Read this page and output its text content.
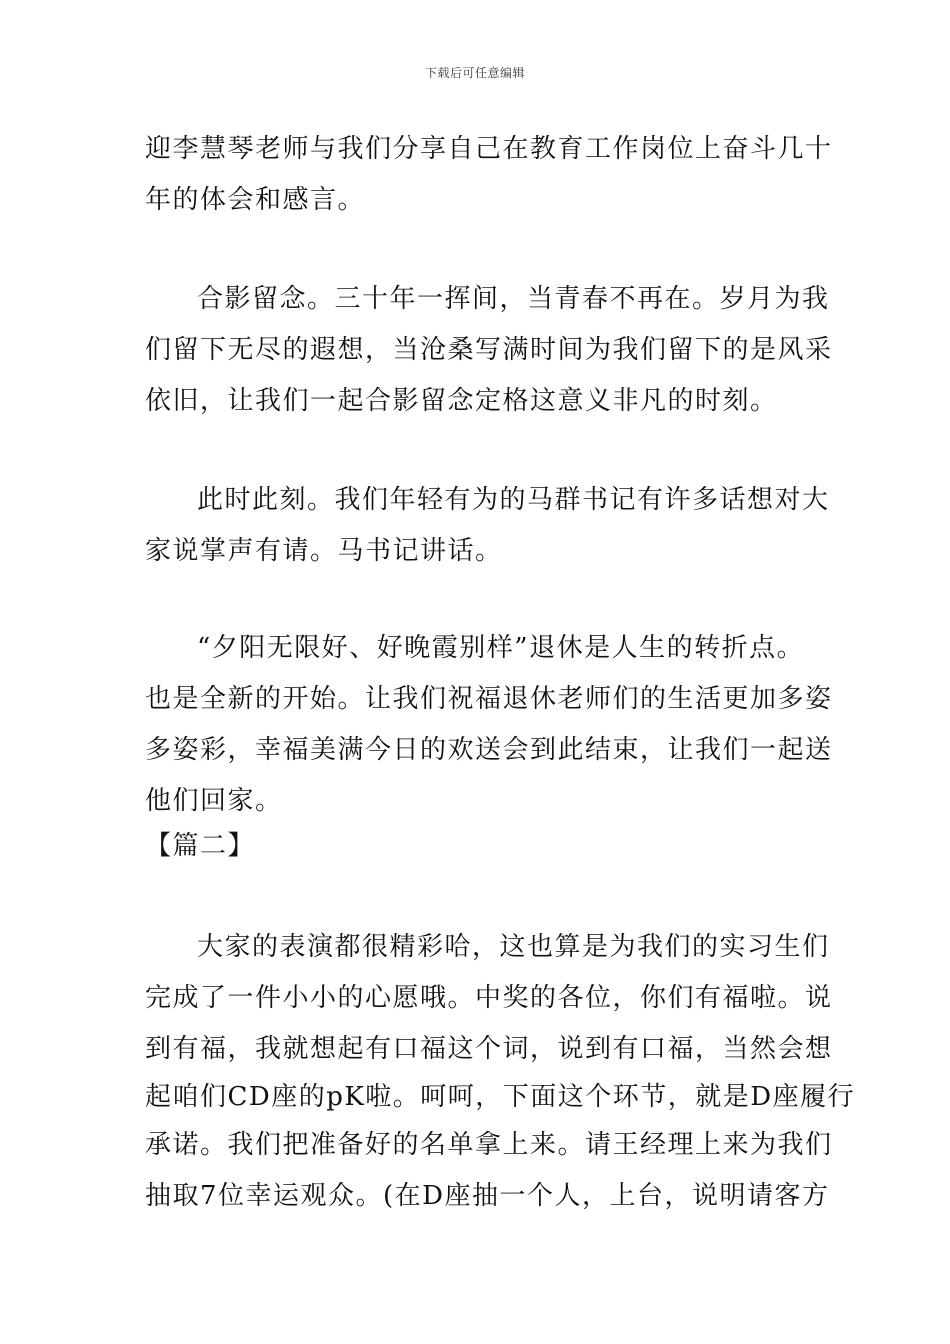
下载后可任意编辑
迎李慧琴老师与我们分享自己在教育工作岗位上奋斗几十
年的体会和感言。
合影留念。三十年一挥间，当青春不再在。岁月为我
们留下无尽的遐想，当沧桑写满时间为我们留下的是风采
依旧，让我们一起合影留念定格这意义非凡的时刻。
此时此刻。我们年轻有为的马群书记有许多话想对大
家说掌声有请。马书记讲话。
“夕阳无限好、好晚霞别样”退休是人生的转折点。
也是全新的开始。让我们祝福退休老师们的生活更加多姿
多姿彩，幸福美满今日的欢送会到此结束，让我们一起送
他们回家。
【篇二】
大家的表演都很精彩哈，这也算是为我们的实习生们
完成了一件小小的心愿哦。中奖的各位，你们有福啦。说
到有福，我就想起有口福这个词，说到有口福，当然会想
起咱们CD座的pK啦。呵呵，下面这个环节，就是D座履行
承诺。我们把准备好的名单拿上来。请王经理上来为我们
抽取7位幸运观众。(在D座抽一个人，上台，说明请客方
